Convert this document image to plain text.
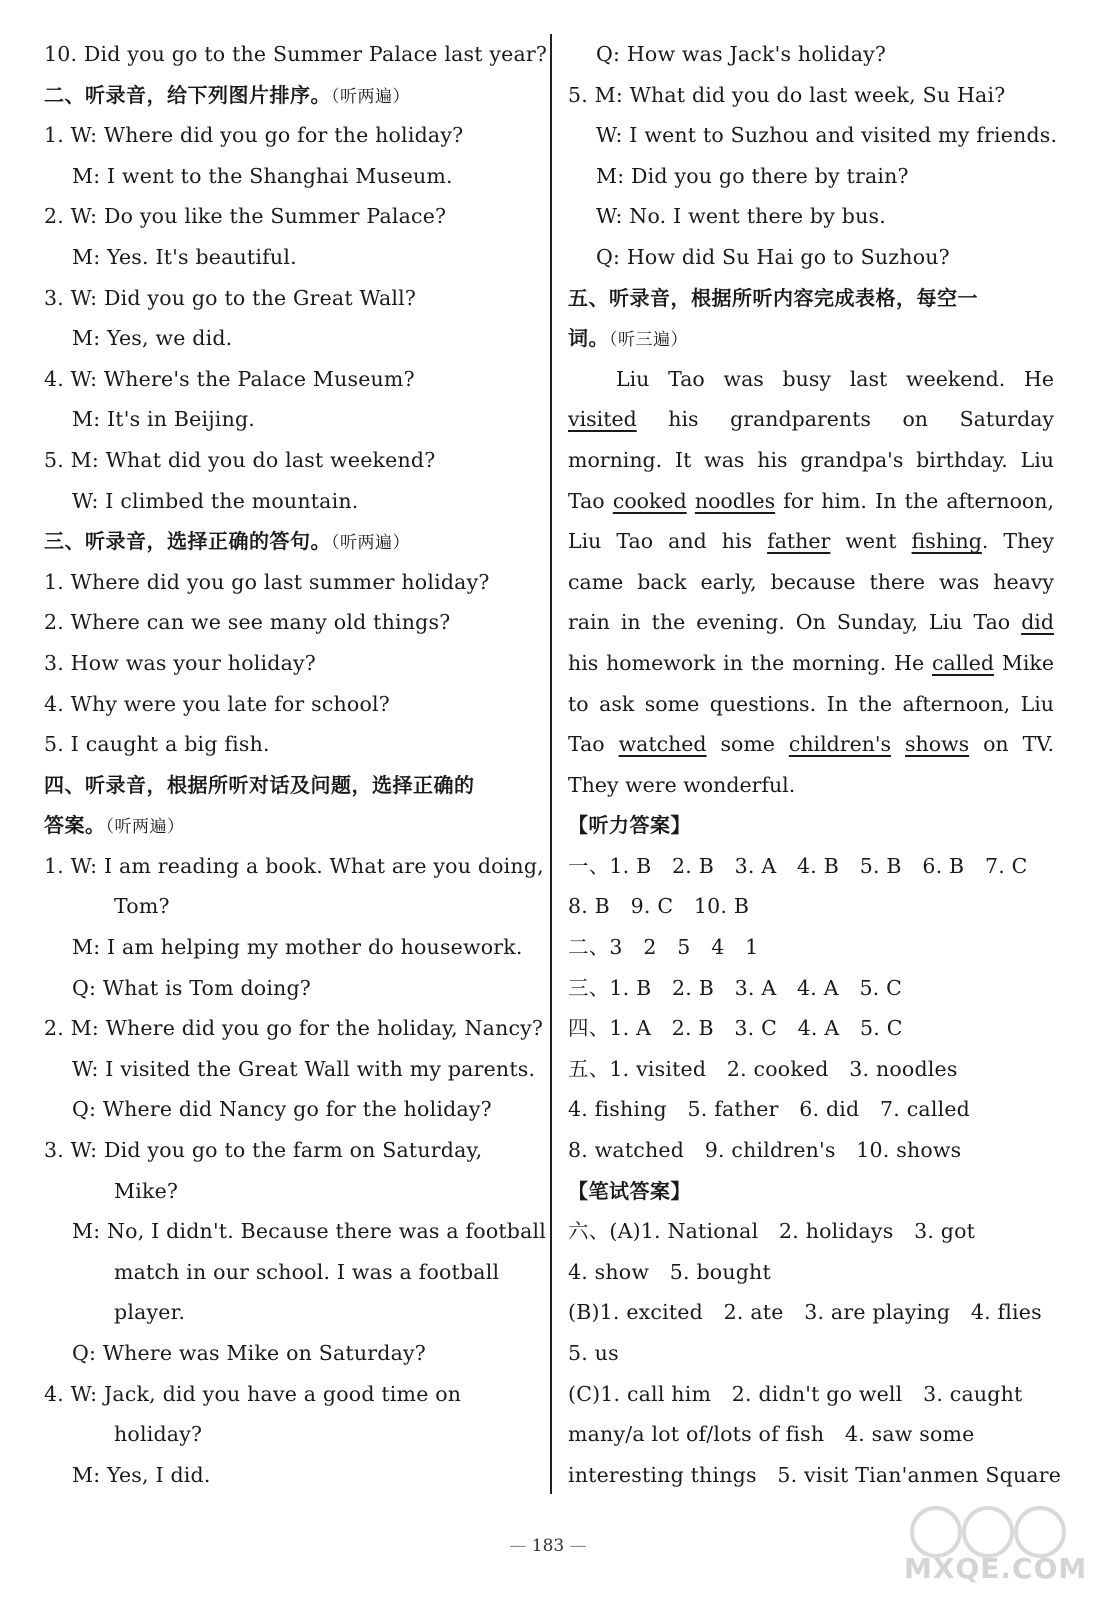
10. Did you go to the Summer Palace last year?
二、听录音，给下列图片排序。（听两遍）
1. W: Where did you go for the holiday?
M: I went to the Shanghai Museum.
2. W: Do you like the Summer Palace?
M: Yes. It's beautiful.
3. W: Did you go to the Great Wall?
M: Yes, we did.
4. W: Where's the Palace Museum?
M: It's in Beijing.
5. M: What did you do last weekend?
W: I climbed the mountain.
三、听录音，选择正确的答句。（听两遍）
1. Where did you go last summer holiday?
2. Where can we see many old things?
3. How was your holiday?
4. Why were you late for school?
5. I caught a big fish.
四、听录音，根据所听对话及问题，选择正确的
答案。（听两遍）
1. W: I am reading a book. What are you doing,
Tom?
M: I am helping my mother do housework.
Q: What is Tom doing?
2. M: Where did you go for the holiday, Nancy?
W: I visited the Great Wall with my parents.
Q: Where did Nancy go for the holiday?
3. W: Did you go to the farm on Saturday,
Mike?
M: No, I didn't. Because there was a football
match in our school. I was a football
player.
Q: Where was Mike on Saturday?
4. W: Jack, did you have a good time on
holiday?
M: Yes, I did.
Q: How was Jack's holiday?
5. M: What did you do last week, Su Hai?
W: I went to Suzhou and visited my friends.
M: Did you go there by train?
W: No. I went there by bus.
Q: How did Su Hai go to Suzhou?
五、听录音，根据所听内容完成表格，每空一
词。（听三遍）
Liu Tao was busy last weekend. He visited his grandparents on Saturday morning. It was his grandpa's birthday. Liu Tao cooked noodles for him. In the afternoon, Liu Tao and his father went fishing. They came back early, because there was heavy rain in the evening. On Sunday, Liu Tao did his homework in the morning. He called Mike to ask some questions. In the afternoon, Liu Tao watched some children's shows on TV. They were wonderful.
【听力答案】
一、1. B　2. B　3. A　4. B　5. B　6. B　7. C
8. B　9. C　10. B
二、3　2　5　4　1
三、1. B　2. B　3. A　4. A　5. C
四、1. A　2. B　3. C　4. A　5. C
五、1. visited　2. cooked　3. noodles
4. fishing　5. father　6. did　7. called
8. watched　9. children's　10. shows
【笔试答案】
六、(A)1. National　2. holidays　3. got
4. show　5. bought
(B)1. excited　2. ate　3. are playing　4. flies
5. us
(C)1. call him　2. didn't go well　3. caught
many/a lot of/lots of fish　4. saw some
interesting things　5. visit Tian'anmen Square
— 183 —
MXQE.COM
